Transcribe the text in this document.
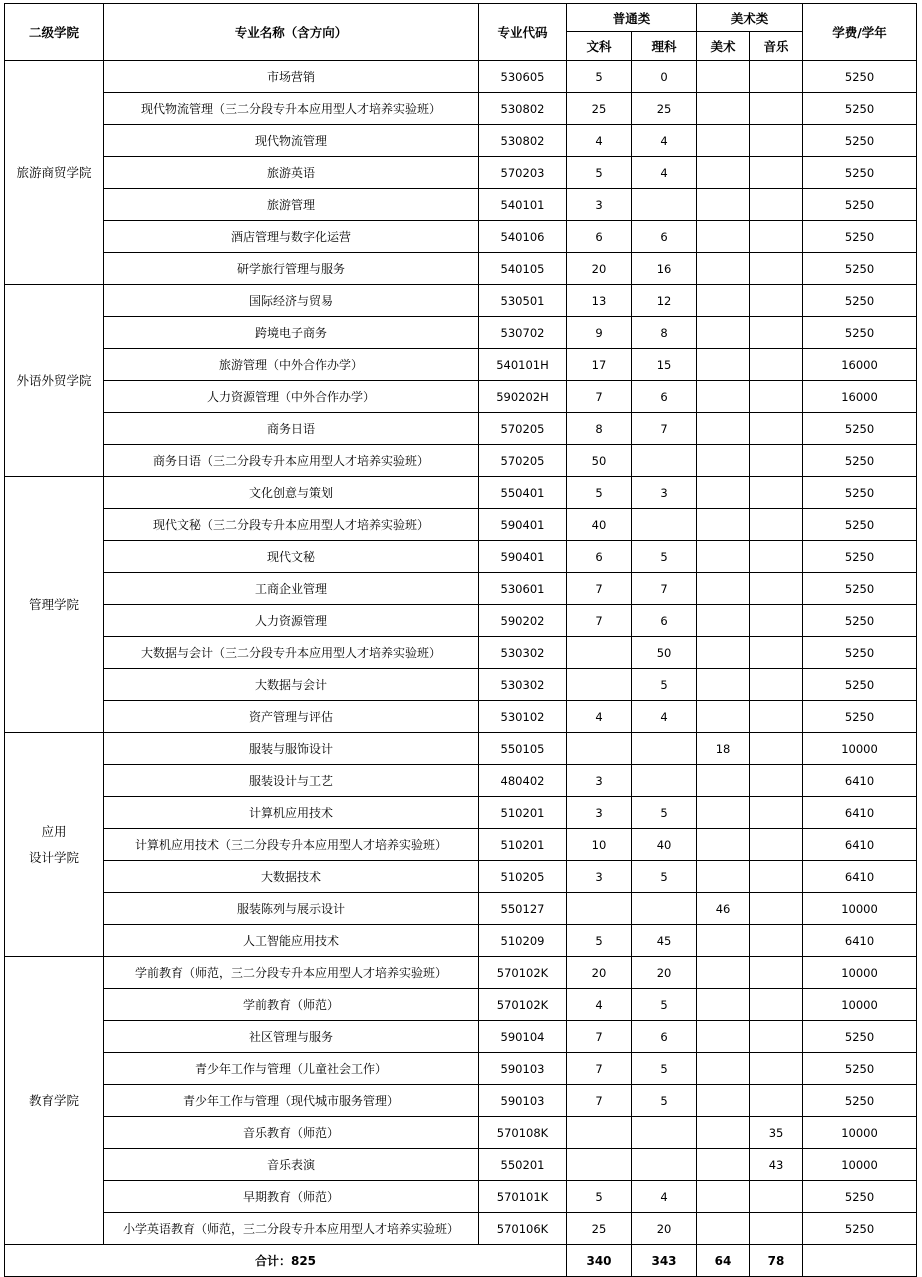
二级学院	专业名称（含方向）	专业代码	普通类		美术类		学费/学年
			文科	理科	美术	音乐	
旅游商贸学院	市场营销	530605	5	0			5250
	现代物流管理（三二分段专升本应用型人才培养实验班）	530802	25	25			5250
	现代物流管理	530802	4	4			5250
	旅游英语	570203	5	4			5250
	旅游管理	540101	3				5250
	酒店管理与数字化运营	540106	6	6			5250
	研学旅行管理与服务	540105	20	16			5250
外语外贸学院	国际经济与贸易	530501	13	12			5250
	跨境电子商务	530702	9	8			5250
	旅游管理（中外合作办学）	540101H	17	15			16000
	人力资源管理（中外合作办学）	590202H	7	6			16000
	商务日语	570205	8	7			5250
	商务日语（三二分段专升本应用型人才培养实验班）	570205	50				5250
管理学院	文化创意与策划	550401	5	3			5250
	现代文秘（三二分段专升本应用型人才培养实验班）	590401	40				5250
	现代文秘	590401	6	5			5250
	工商企业管理	530601	7	7			5250
	人力资源管理	590202	7	6			5250
	大数据与会计（三二分段专升本应用型人才培养实验班）	530302		50			5250
	大数据与会计	530302		5			5250
	资产管理与评估	530102	4	4			5250
应用
设计学院	服装与服饰设计	550105			18		10000
	服装设计与工艺	480402	3				6410
	计算机应用技术	510201	3	5			6410
	计算机应用技术（三二分段专升本应用型人才培养实验班）	510201	10	40			6410
	大数据技术	510205	3	5			6410
	服装陈列与展示设计	550127			46		10000
	人工智能应用技术	510209	5	45			6410
教育学院	学前教育（师范，三二分段专升本应用型人才培养实验班）	570102K	20	20			10000
	学前教育（师范）	570102K	4	5			10000
	社区管理与服务	590104	7	6			5250
	青少年工作与管理（儿童社会工作）	590103	7	5			5250
	青少年工作与管理（现代城市服务管理）	590103	7	5			5250
	音乐教育（师范）	570108K				35	10000
	音乐表演	550201				43	10000
	早期教育（师范）	570101K	5	4			5250
	小学英语教育（师范，三二分段专升本应用型人才培养实验班）	570106K	25	20			5250
合计：825			340	343	64	78	
